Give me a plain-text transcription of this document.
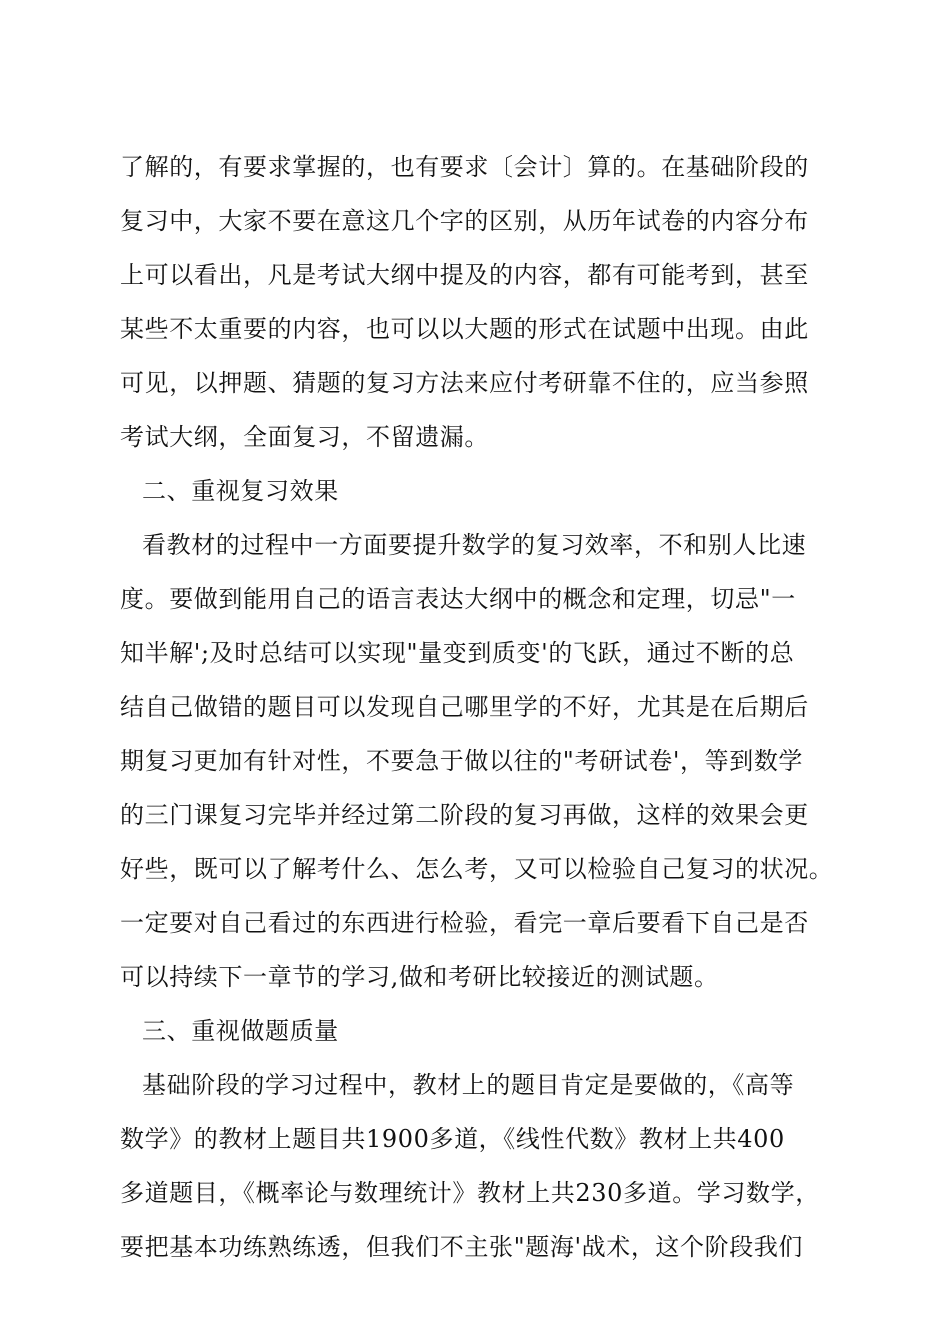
了解的，有要求掌握的，也有要求〔会计〕算的。在基础阶段的
复习中，大家不要在意这几个字的区别，从历年试卷的内容分布
上可以看出，凡是考试大纲中提及的内容，都有可能考到，甚至
某些不太重要的内容，也可以以大题的形式在试题中出现。由此
可见，以押题、猜题的复习方法来应付考研靠不住的，应当参照
考试大纲，全面复习，不留遗漏。
二、重视复习效果
看教材的过程中一方面要提升数学的复习效率，不和别人比速
度。要做到能用自己的语言表达大纲中的概念和定理，切忌"一
知半解';及时总结可以实现"量变到质变'的飞跃，通过不断的总
结自己做错的题目可以发现自己哪里学的不好，尤其是在后期后
期复习更加有针对性，不要急于做以往的"考研试卷'，等到数学
的三门课复习完毕并经过第二阶段的复习再做，这样的效果会更
好些，既可以了解考什么、怎么考，又可以检验自己复习的状况。
一定要对自己看过的东西进行检验，看完一章后要看下自己是否
可以持续下一章节的学习,做和考研比较接近的测试题。
三、重视做题质量
基础阶段的学习过程中，教材上的题目肯定是要做的，《高等
数学》的教材上题目共1900多道，《线性代数》教材上共400
多道题目，《概率论与数理统计》教材上共230多道。学习数学，
要把基本功练熟练透，但我们不主张"题海'战术，这个阶段我们
